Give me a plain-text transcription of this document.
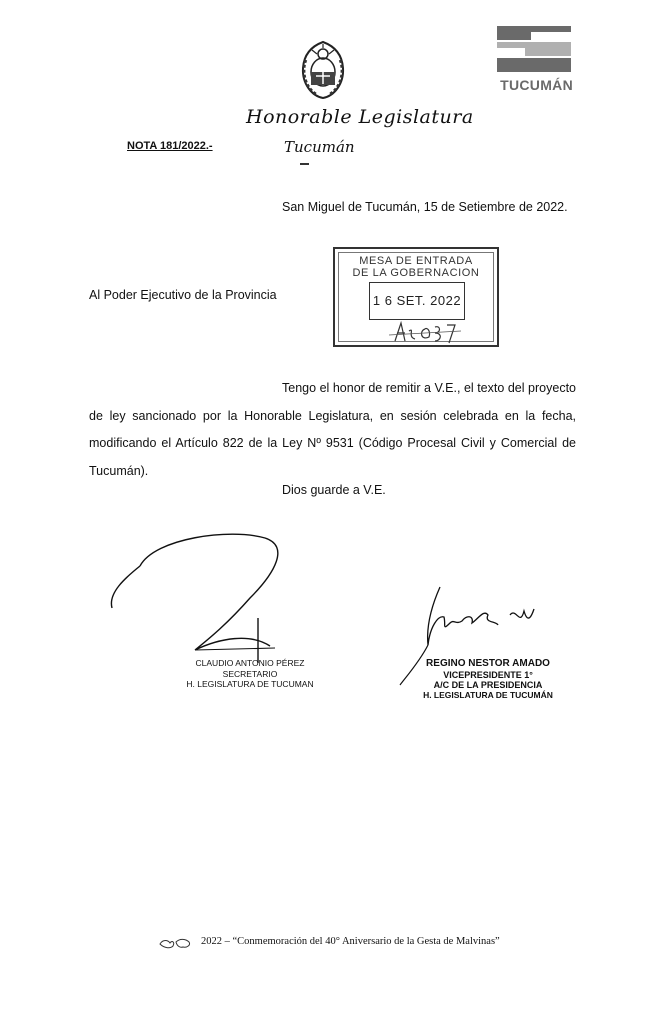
Honorable Legislatura
Tucumán
TUCUMÁN
NOTA 181/2022.-
San Miguel de Tucumán, 15 de Setiembre de 2022.
Al Poder Ejecutivo de la Provincia
MESA DE ENTRADA
DE LA GOBERNACION
1 6 SET. 2022

Tengo el honor de remitir a V.E., el texto del proyecto de ley sancionado por la Honorable Legislatura, en sesión celebrada en la fecha, modificando el Artículo 822 de la Ley Nº 9531 (Código Procesal Civil y Comercial de Tucumán).

Dios guarde a V.E.
CLAUDIO ANTONIO PÉREZ
SECRETARIO
H. LEGISLATURA DE TUCUMAN
REGINO NESTOR AMADO
VICEPRESIDENTE 1°
A/C DE LA PRESIDENCIA
H. LEGISLATURA DE TUCUMÁN
2022 – “Conmemoración del 40° Aniversario de la Gesta de Malvinas”
